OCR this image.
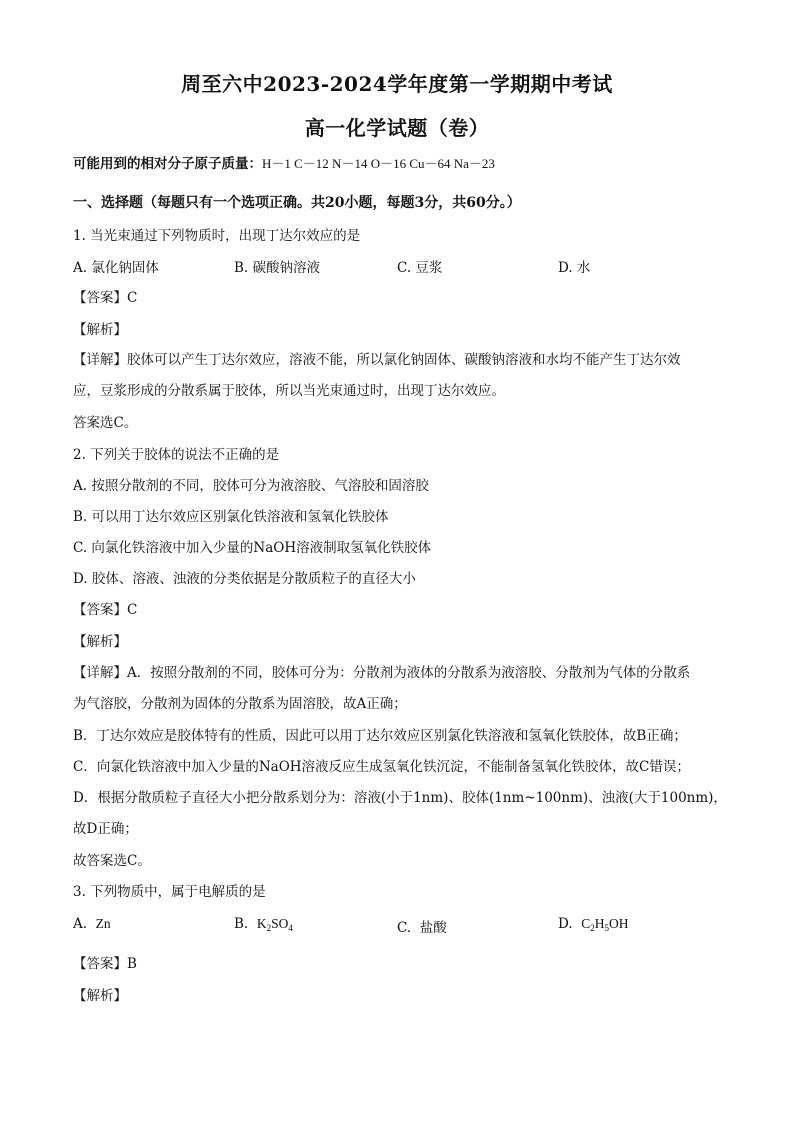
周至六中2023-2024学年度第一学期期中考试
高一化学试题（卷）
可能用到的相对分子原子质量：H－1 C－12 N－14 O－16 Cu－64 Na－23
一、选择题（每题只有一个选项正确。共20小题，每题3分，共60分。）
1. 当光束通过下列物质时，出现丁达尔效应的是
A. 氯化钠固体	B. 碳酸钠溶液	C. 豆浆	D. 水
【答案】C
【解析】
【详解】胶体可以产生丁达尔效应，溶液不能，所以氯化钠固体、碳酸钠溶液和水均不能产生丁达尔效
应，豆浆形成的分散系属于胶体，所以当光束通过时，出现丁达尔效应。
答案选C。
2. 下列关于胶体的说法不正确的是
A. 按照分散剂的不同，胶体可分为液溶胶、气溶胶和固溶胶
B. 可以用丁达尔效应区别氯化铁溶液和氢氧化铁胶体
C. 向氯化铁溶液中加入少量的NaOH溶液制取氢氧化铁胶体
D. 胶体、溶液、浊液的分类依据是分散质粒子的直径大小
【答案】C
【解析】
【详解】A．按照分散剂的不同，胶体可分为：分散剂为液体的分散系为液溶胶、分散剂为气体的分散系
为气溶胶，分散剂为固体的分散系为固溶胶，故A正确；
B．丁达尔效应是胶体特有的性质，因此可以用丁达尔效应区别氯化铁溶液和氢氧化铁胶体，故B正确；
C．向氯化铁溶液中加入少量的NaOH溶液反应生成氢氧化铁沉淀，不能制备氢氧化铁胶体，故C错误；
D．根据分散质粒子直径大小把分散系划分为：溶液(小于1nm)、胶体(1nm~100nm)、浊液(大于100nm)，
故D正确；
故答案选C。
3. 下列物质中，属于电解质的是
A. Zn	B. $K_2SO_4$	C. 盐酸	D. $C_2H_5OH$
【答案】B
【解析】
